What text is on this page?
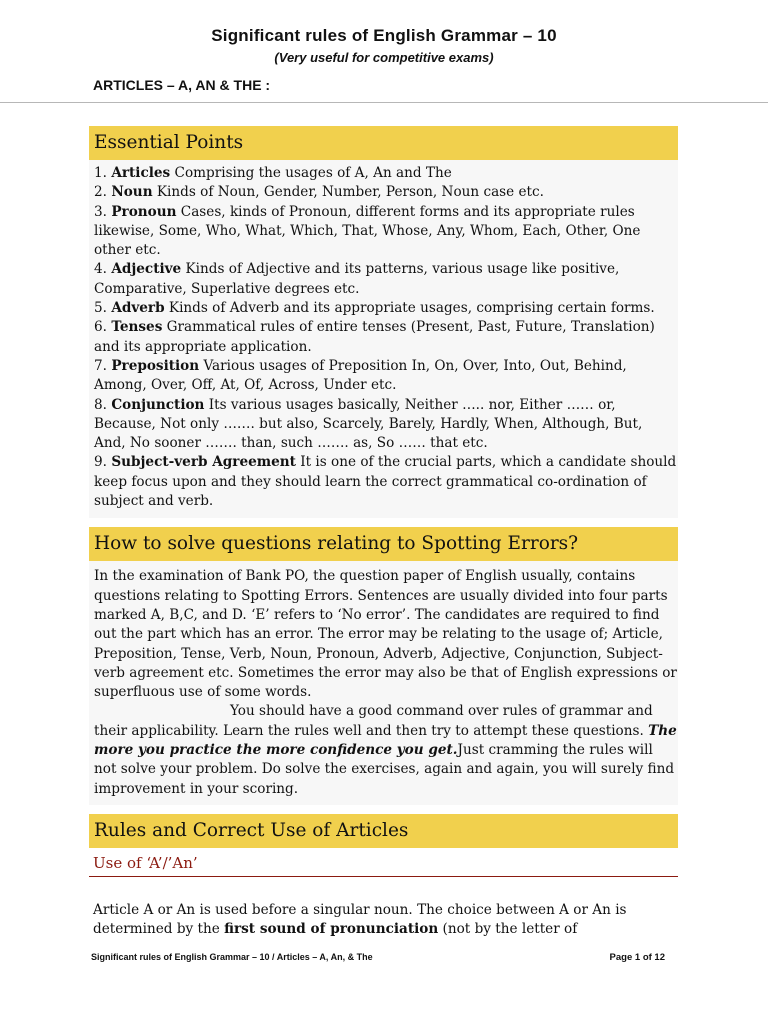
Significant rules of English Grammar – 10
(Very useful for competitive exams)
ARTICLES – A, AN & THE :
Essential Points

1. Articles Comprising the usages of A, An and The

2. Noun Kinds of Noun, Gender, Number, Person, Noun case etc.

3. Pronoun Cases, kinds of Pronoun, different forms and its appropriate rules likewise, Some, Who, What, Which, That, Whose, Any, Whom, Each, Other, One other etc.

4. Adjective Kinds of Adjective and its patterns, various usage like positive, Comparative, Superlative degrees etc.

5. Adverb Kinds of Adverb and its appropriate usages, comprising certain forms.

6. Tenses Grammatical rules of entire tenses (Present, Past, Future, Translation) and its appropriate application.

7. Preposition Various usages of Preposition In, On, Over, Into, Out, Behind, Among, Over, Off, At, Of, Across, Under etc.

8. Conjunction Its various usages basically, Neither ….. nor, Either …… or, Because, Not only ……. but also, Scarcely, Barely, Hardly, When, Although, But, And, No sooner ……. than, such ……. as, So …… that etc.

9. Subject-verb Agreement It is one of the crucial parts, which a candidate should keep focus upon and they should learn the correct grammatical co-ordination of subject and verb.

How to solve questions relating to Spotting Errors?

In the examination of Bank PO, the question paper of English usually, contains questions relating to Spotting Errors. Sentences are usually divided into four parts marked A, B,C, and D. ‘E’ refers to ‘No error’. The candidates are required to find out the part which has an error. The error may be relating to the usage of; Article, Preposition, Tense, Verb, Noun, Pronoun, Adverb, Adjective, Conjunction, Subject-verb agreement etc. Sometimes the error may also be that of English expressions or superfluous use of some words.

You should have a good command over rules of grammar and their applicability. Learn the rules well and then try to attempt these questions. The more you practice the more confidence you get.Just cramming the rules will not solve your problem. Do solve the exercises, again and again, you will surely find improvement in your scoring.

Rules and Correct Use of Articles
Use of ‘A’/’An’

Article A or An is used before a singular noun. The choice between A or An is determined by the first sound of pronunciation (not by the letter of

Significant rules of English Grammar – 10 / Articles – A, An, & The	Page 1 of 12
